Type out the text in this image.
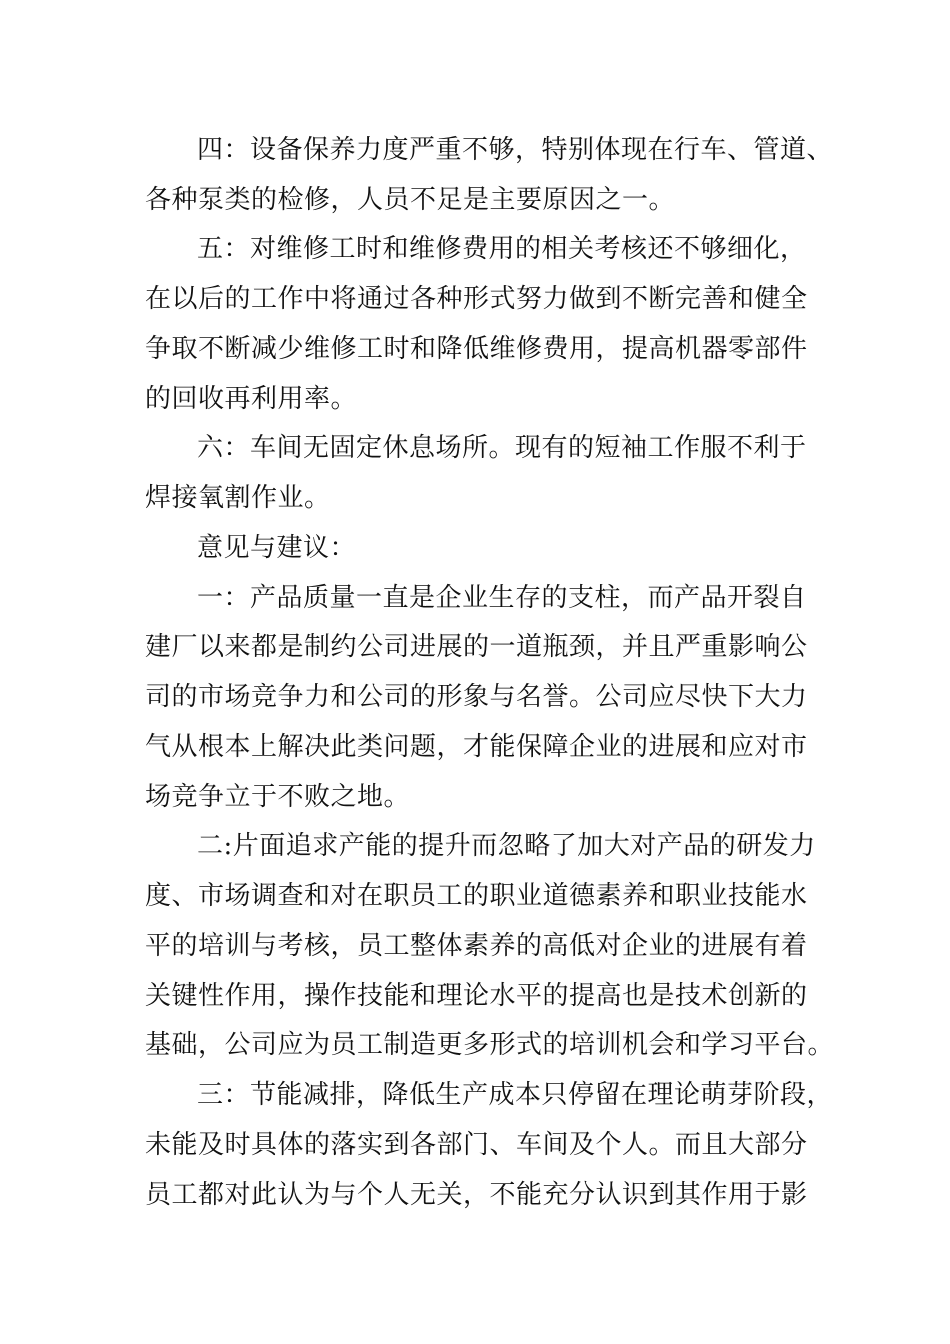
四：设备保养力度严重不够，特别体现在行车、管道、
各种泵类的检修，人员不足是主要原因之一。
五：对维修工时和维修费用的相关考核还不够细化，
在以后的工作中将通过各种形式努力做到不断完善和健全
争取不断减少维修工时和降低维修费用，提高机器零部件
的回收再利用率。
六：车间无固定休息场所。现有的短袖工作服不利于
焊接氧割作业。
意见与建议：
一：产品质量一直是企业生存的支柱，而产品开裂自
建厂以来都是制约公司进展的一道瓶颈，并且严重影响公
司的市场竞争力和公司的形象与名誉。公司应尽快下大力
气从根本上解决此类问题，才能保障企业的进展和应对市
场竞争立于不败之地。
二:片面追求产能的提升而忽略了加大对产品的研发力
度、市场调查和对在职员工的职业道德素养和职业技能水
平的培训与考核，员工整体素养的高低对企业的进展有着
关键性作用，操作技能和理论水平的提高也是技术创新的
基础，公司应为员工制造更多形式的培训机会和学习平台。
三：节能减排，降低生产成本只停留在理论萌芽阶段，
未能及时具体的落实到各部门、车间及个人。而且大部分
员工都对此认为与个人无关，不能充分认识到其作用于影
